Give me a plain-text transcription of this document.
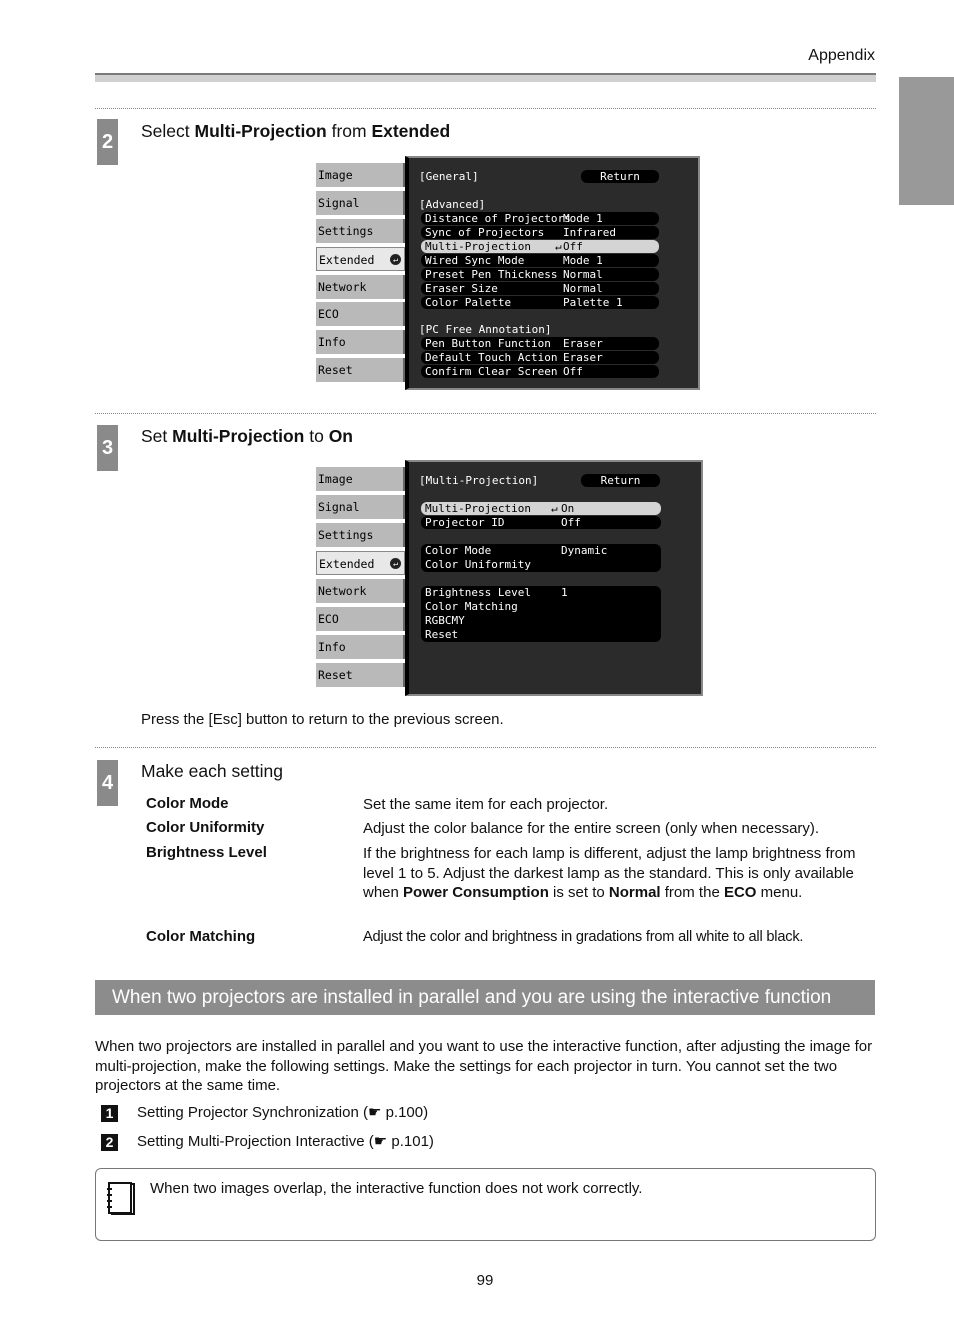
Appendix
2 Select Multi-Projection from Extended
Image
Signal
Settings
Extended	↵
Network
ECO
Info
Reset
[General]	Return
[Advanced]
Distance of Projectors
Mode 1
Sync of Projectors Infrared
Multi-Projection ↵ Off
Wired Sync Mode	Mode 1
Preset Pen Thickness Normal
Eraser Size	Normal
Color Palette	Palette 1
[PC Free Annotation]
Pen Button Function Eraser
Default Touch Action Eraser
Confirm Clear Screen Off
3
Set Multi-Projection to On
Image
Signal
Settings
Extended	↵
Network
ECO
Info
Reset
[Multi-Projection]	Return
Multi-Projection ↵ On
Projector ID	Off
Color Mode	Dynamic
Color Uniformity
Brightness Level	1
Color Matching
RGBCMY
Reset
Press the [Esc] button to return to the previous screen.
4
Make each setting
Color Mode	Set the same item for each projector.
Color Uniformity	Adjust the color balance for the entire screen (only when necessary).
Brightness Level	If the brightness for each lamp is different, adjust the lamp brightness from level 1 to 5. Adjust the darkest lamp as the standard. This is only available when Power Consumption is set to Normal from the ECO menu.
Color Matching	Adjust the color and brightness in gradations from all white to all black.
When two projectors are installed in parallel and you are using the interactive function
When two projectors are installed in parallel and you want to use the interactive function, after adjusting the image for multi-projection, make the following settings. Make the settings for each projector in turn. You cannot set the two projectors at the same time.
1	Setting Projector Synchronization (☛ p.100)
2	Setting Multi-Projection Interactive (☛ p.101)
When two images overlap, the interactive function does not work correctly.
99
